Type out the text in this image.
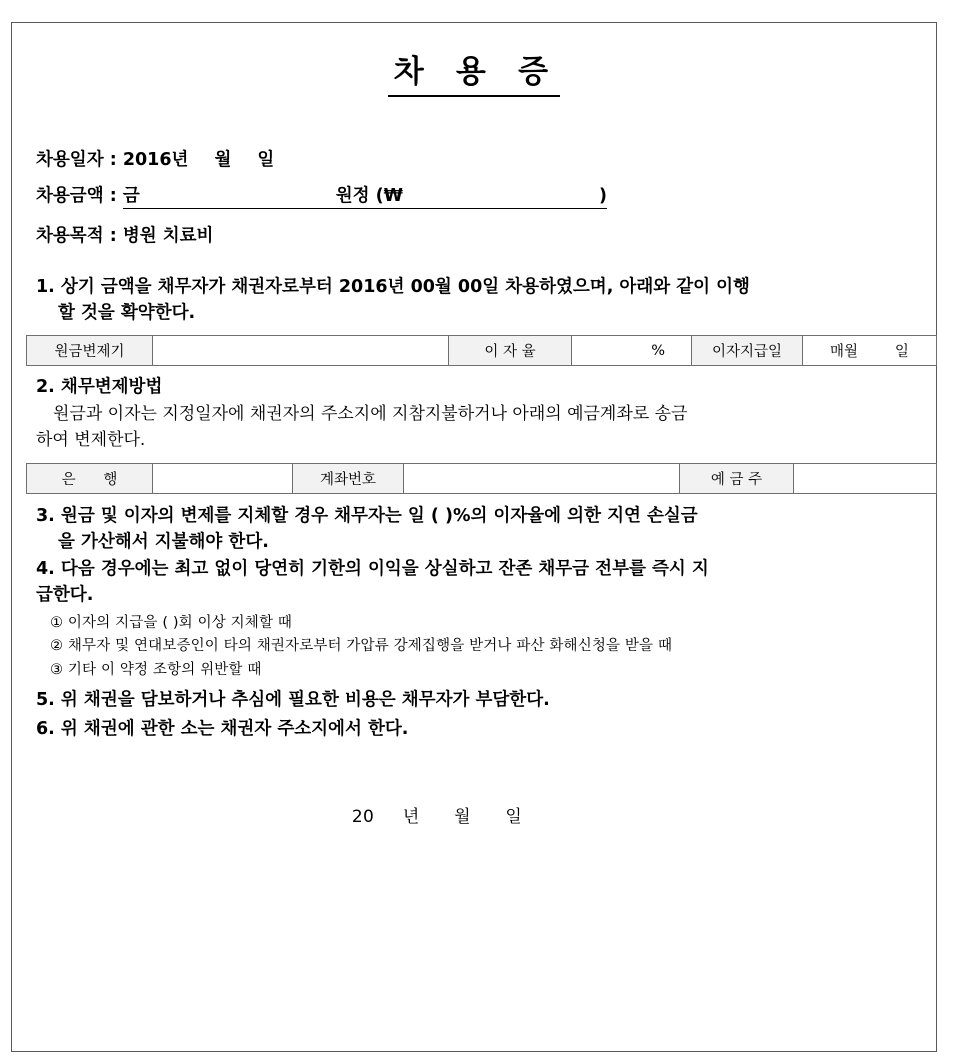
차 용 증
차용일자 : 2016년 월 일
차용금액 : 금	원정 (₩	)
차용목적 : 병원 치료비
1. 상기 금액을 채무자가 채권자로부터 2016년 00월 00일 차용하였으며, 아래와 같이 이행
할 것을 확약한다.
원금변제기		이 자 율	%	이자지급일	매월        일
2. 채무변제방법
원금과 이자는 지정일자에 채권자의 주소지에 지참지불하거나 아래의 예금계좌로 송금
하여 변제한다.
은      행		계좌번호		예 금 주	
3. 원금 및 이자의 변제를 지체할 경우 채무자는 일 ( )%의 이자율에 의한 지연 손실금
을 가산해서 지불해야 한다.
4. 다음 경우에는 최고 없이 당연히 기한의 이익을 상실하고 잔존 채무금 전부를 즉시 지
급한다.
① 이자의 지급을 ( )회 이상 지체할 때
② 채무자 및 연대보증인이 타의 채권자로부터 가압류 강제집행을 받거나 파산 화해신청을 받을 때
③ 기타 이 약정 조항의 위반할 때
5. 위 채권을 담보하거나 추심에 필요한 비용은 채무자가 부담한다.
6. 위 채권에 관한 소는 채권자 주소지에서 한다.
20     년      월      일
